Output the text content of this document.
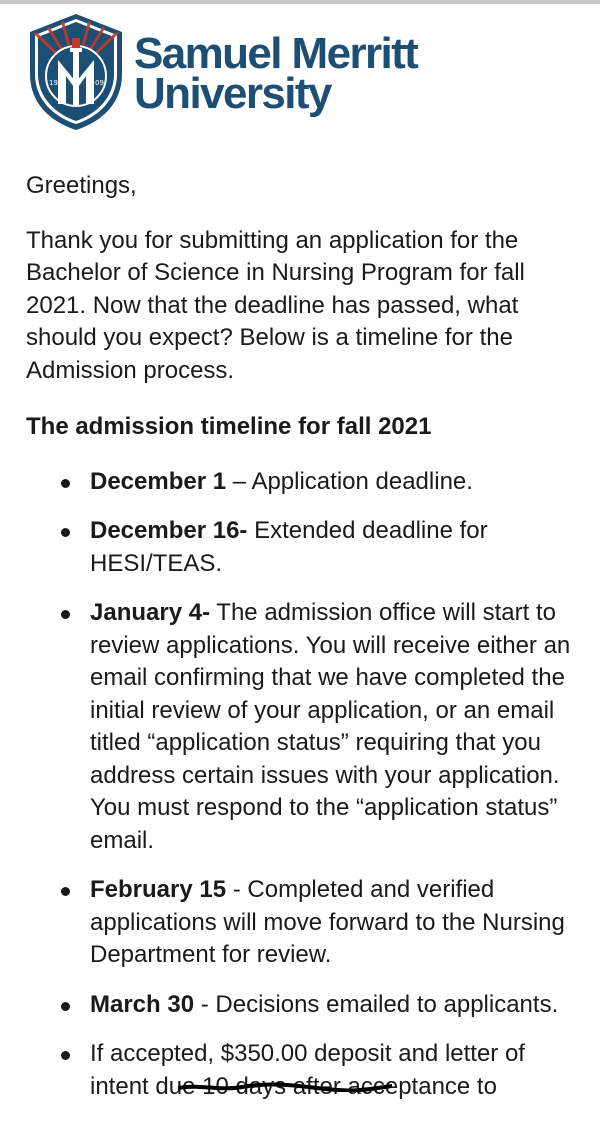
19	09
Samuel Merritt
University

Greetings,

Thank you for submitting an application for the Bachelor of Science in Nursing Program for fall 2021. Now that the deadline has passed, what should you expect? Below is a timeline for the Admission process.

The admission timeline for fall 2021

December 1 – Application deadline.
December 16- Extended deadline for HESI/TEAS.
January 4- The admission office will start to review applications. You will receive either an email confirming that we have completed the initial review of your application, or an email titled “application status” requiring that you address certain issues with your application. You must respond to the “application status” email.
February 15 - Completed and verified applications will move forward to the Nursing Department for review.
March 30 - Decisions emailed to applicants.
If accepted, $350.00 deposit and letter of intent due 10 days after ac
ceptance to
